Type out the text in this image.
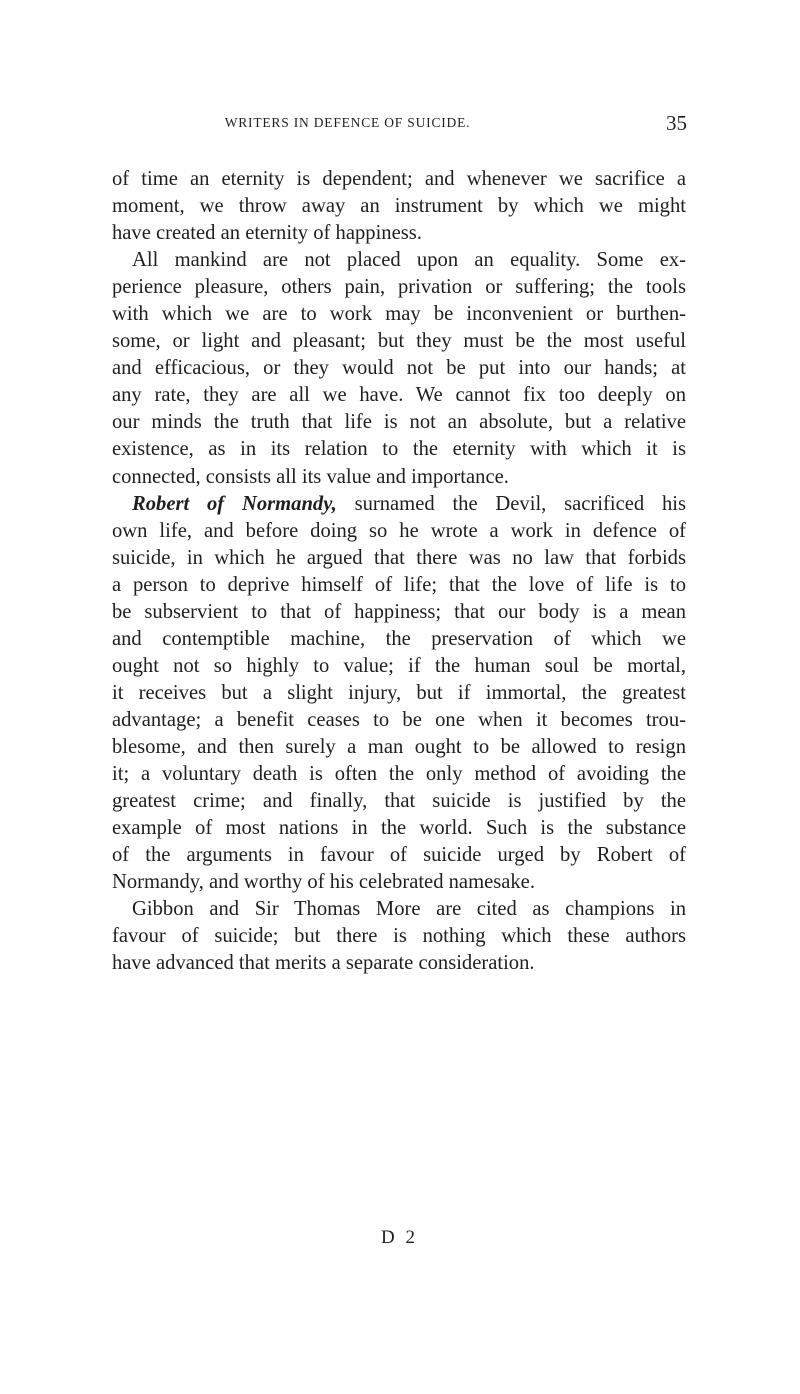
WRITERS IN DEFENCE OF SUICIDE.	35
of time an eternity is dependent; and whenever we sacrifice a
moment, we throw away an instrument by which we might
have created an eternity of happiness.
All mankind are not placed upon an equality. Some ex-
perience pleasure, others pain, privation or suffering; the tools
with which we are to work may be inconvenient or burthen-
some, or light and pleasant; but they must be the most useful
and efficacious, or they would not be put into our hands; at
any rate, they are all we have. We cannot fix too deeply on
our minds the truth that life is not an absolute, but a relative
existence, as in its relation to the eternity with which it is
connected, consists all its value and importance.
Robert of Normandy, surnamed the Devil, sacrificed his
own life, and before doing so he wrote a work in defence of
suicide, in which he argued that there was no law that forbids
a person to deprive himself of life; that the love of life is to
be subservient to that of happiness; that our body is a mean
and contemptible machine, the preservation of which we
ought not so highly to value; if the human soul be mortal,
it receives but a slight injury, but if immortal, the greatest
advantage; a benefit ceases to be one when it becomes trou-
blesome, and then surely a man ought to be allowed to resign
it; a voluntary death is often the only method of avoiding the
greatest crime; and finally, that suicide is justified by the
example of most nations in the world. Such is the substance
of the arguments in favour of suicide urged by Robert of
Normandy, and worthy of his celebrated namesake.
Gibbon and Sir Thomas More are cited as champions in
favour of suicide; but there is nothing which these authors
have advanced that merits a separate consideration.
D 2
